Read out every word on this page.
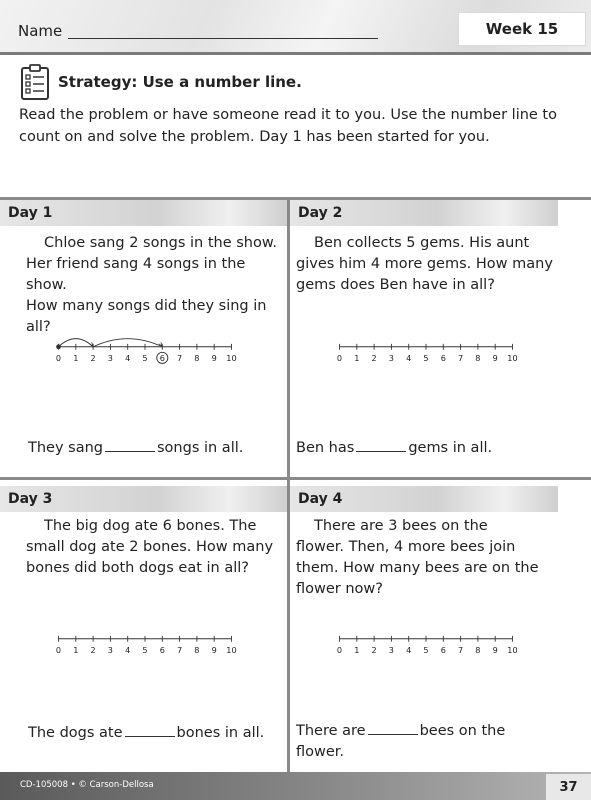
Name	Week 15
Strategy: Use a number line.
Read the problem or have someone read it to you. Use the number line to count on and solve the problem. Day 1 has been started for you.
Day 1
Chloe sang 2 songs in the show.
Her friend sang 4 songs in the show.
How many songs did they sing in all?
0 1 2 3 4 5 6 7 8 9 10
They sang	songs in all.
Day 2
Ben collects 5 gems. His aunt
gives him 4 more gems. How many
gems does Ben have in all?
0 1 2 3 4 5 6 7 8 9 10
Ben has	gems in all.
Day 3
The big dog ate 6 bones. The
small dog ate 2 bones. How many
bones did both dogs eat in all?
0 1 2 3 4 5 6 7 8 9 10
The dogs ate	bones in all.
Day 4
There are 3 bees on the
flower. Then, 4 more bees join
them. How many bees are on the
flower now?
0 1 2 3 4 5 6 7 8 9 10
There are	bees on the
flower.
CD-105008 • © Carson-Dellosa	37
